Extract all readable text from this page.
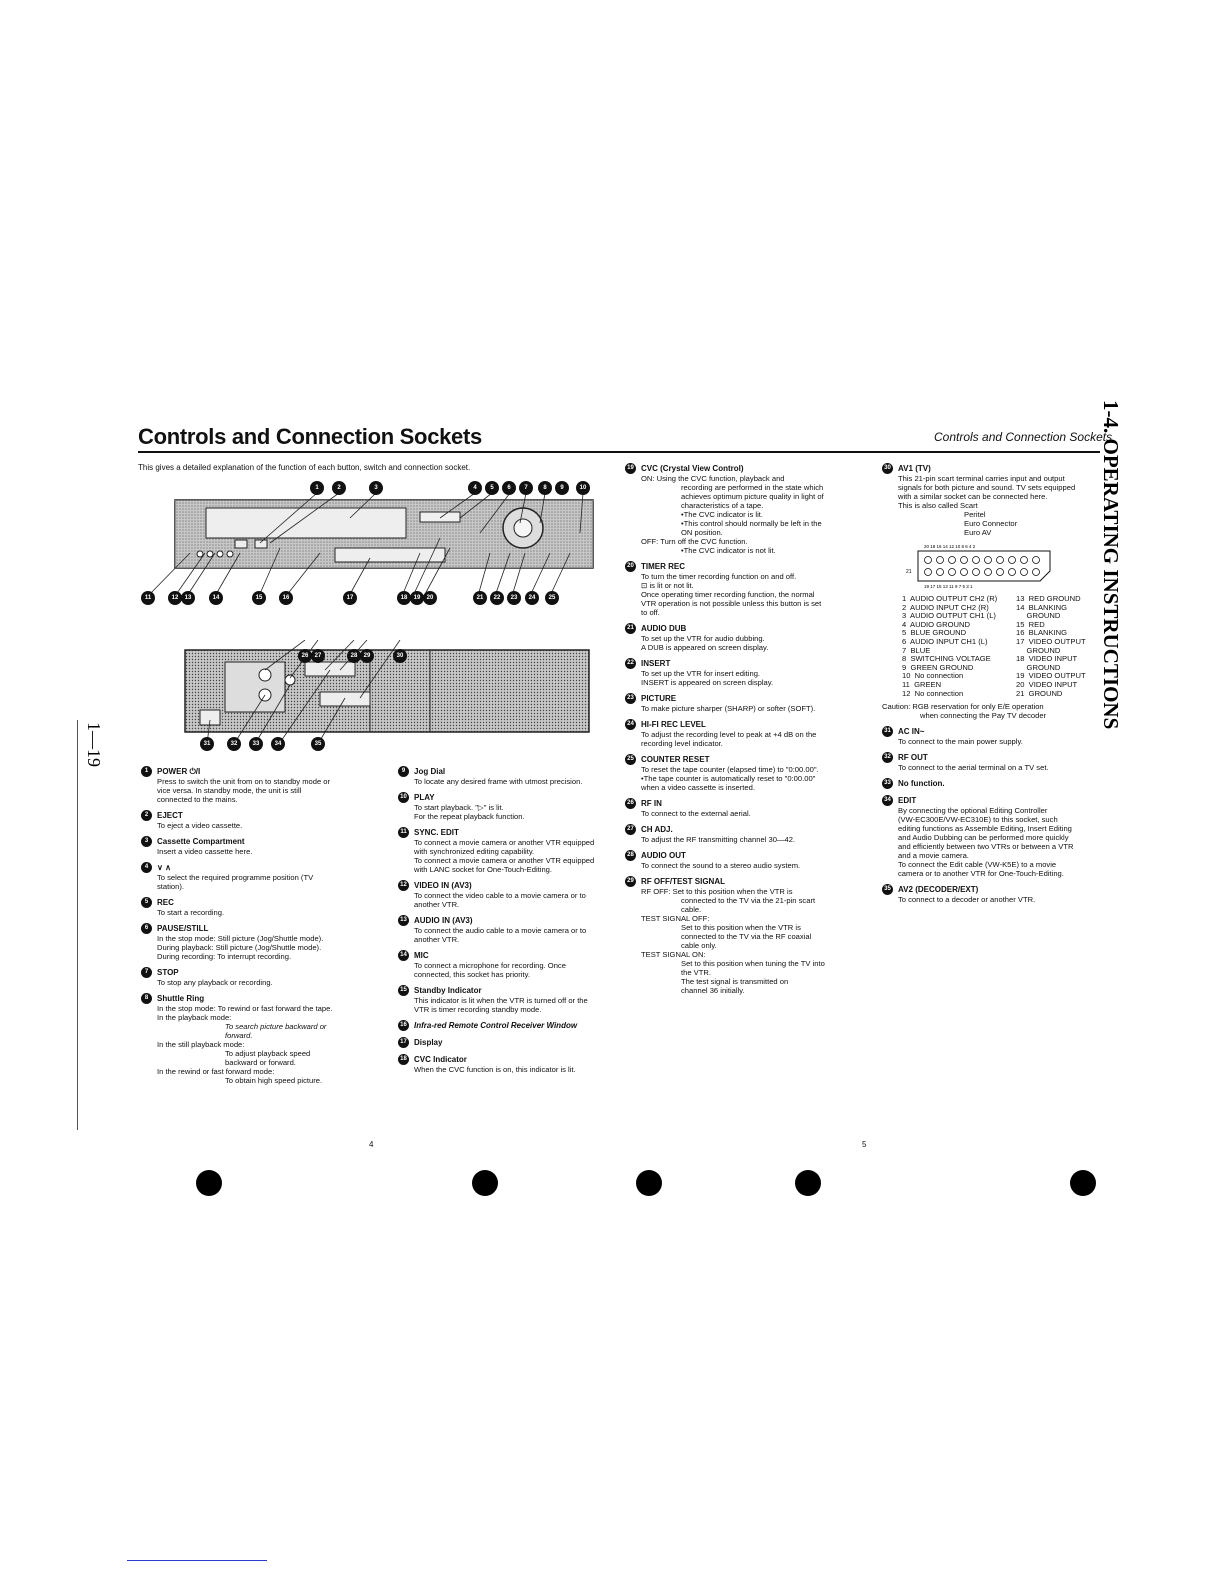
Controls and Connection Sockets	Controls and Connection Sockets
This gives a detailed explanation of the function of each button, switch and connection socket.	1-4. OPERATING INSTRUCTIONS
1—19
1	2	3	4	5	6	7	8	9	10
11	12	13	14	15	16	17	18	19	20	21	22	23	24	25
26	27	28	29	30
31	32	33	34	35
1	POWER ⏻/I
Press to switch the unit from on to standby mode or
vice versa. In standby mode, the unit is still
connected to the mains.
2	EJECT
To eject a video cassette.
3	Cassette Compartment
Insert a video cassette here.
4	∨ ∧
To select the required programme position (TV
station).
5	REC
To start a recording.
6	PAUSE/STILL
In the stop mode: Still picture (Jog/Shuttle mode).
During playback: Still picture (Jog/Shuttle mode).
During recording: To interrupt recording.
7	STOP
To stop any playback or recording.
8	Shuttle Ring
In the stop mode: To rewind or fast forward the tape.
In the playback mode:
To search picture backward or
forward.
In the still playback mode:
To adjust playback speed
backward or forward.
In the rewind or fast forward mode:
To obtain high speed picture.
9	Jog Dial
To locate any desired frame with utmost precision.
10 PLAY
To start playback. "▷" is lit.
For the repeat playback function.
11 SYNC. EDIT
To connect a movie camera or another VTR equipped
with synchronized editing capability.
To connect a movie camera or another VTR equipped
with LANC socket for One-Touch-Editing.
12 VIDEO IN (AV3)
To connect the video cable to a movie camera or to
another VTR.
13 AUDIO IN (AV3)
To connect the audio cable to a movie camera or to
another VTR.
14 MIC
To connect a microphone for recording. Once
connected, this socket has priority.
15 Standby Indicator
This indicator is lit when the VTR is turned off or the
VTR is timer recording standby mode.
16 Infra-red Remote Control Receiver Window
17 Display
18 CVC Indicator
When the CVC function is on, this indicator is lit.
19 CVC (Crystal View Control)
ON: Using the CVC function, playback and
recording are performed in the state which
achieves optimum picture quality in light of
characteristics of a tape.
•The CVC indicator is lit.
•This control should normally be left in the
ON position.
OFF: Turn off the CVC function.
•The CVC indicator is not lit.
20 TIMER REC
To turn the timer recording function on and off.
⊡ is lit or not lit.
Once operating timer recording function, the normal
VTR operation is not possible unless this button is set
to off.
21 AUDIO DUB
To set up the VTR for audio dubbing.
A DUB is appeared on screen display.
22 INSERT
To set up the VTR for insert editing.
INSERT is appeared on screen display.
23 PICTURE
To make picture sharper (SHARP) or softer (SOFT).
24 HI-FI REC LEVEL
To adjust the recording level to peak at +4 dB on the
recording level indicator.
25 COUNTER RESET
To reset the tape counter (elapsed time) to "0:00.00".
•The tape counter is automatically reset to "0:00.00"
when a video cassette is inserted.
26 RF IN
To connect to the external aerial.
27 CH ADJ.
To adjust the RF transmitting channel 30—42.
28 AUDIO OUT
To connect the sound to a stereo audio system.
29 RF OFF/TEST SIGNAL
RF OFF: Set to this position when the VTR is
connected to the TV via the 21-pin scart
cable.
TEST SIGNAL OFF:
Set to this position when the VTR is
connected to the TV via the RF coaxial
cable only.
TEST SIGNAL ON:
Set to this position when tuning the TV into
the VTR.
The test signal is transmitted on
channel 36 initially.
30 AV1 (TV)
This 21-pin scart terminal carries input and output
signals for both picture and sound. TV sets equipped
with a similar socket can be connected here.
This is also called Scart
Peritel
Euro Connector
Euro AV
20 18 16 14 12 10 8 6 4 2
19 17 15 13 11 9 7 5 3 1
21
1  AUDIO OUTPUT CH2 (R)	13  RED GROUND
2  AUDIO INPUT CH2 (R)	14  BLANKING
3  AUDIO OUTPUT CH1 (L)	GROUND
4  AUDIO GROUND	15  RED
5  BLUE GROUND	16  BLANKING
6  AUDIO INPUT CH1 (L)	17  VIDEO OUTPUT
7  BLUE	GROUND
8  SWITCHING VOLTAGE	18  VIDEO INPUT
9  GREEN GROUND	GROUND
10  No connection	19  VIDEO OUTPUT
11  GREEN	20  VIDEO INPUT
12  No connection	21  GROUND
Caution: RGB reservation for only E/E operation
when connecting the Pay TV decoder
31 AC IN~
To connect to the main power supply.
32 RF OUT
To connect to the aerial terminal on a TV set.
33 No function.
34 EDIT
By connecting the optional Editing Controller
(VW-EC300E/VW-EC310E) to this socket, such
editing functions as Assemble Editing, Insert Editing
and Audio Dubbing can be performed more quickly
and efficiently between two VTRs or between a VTR
and a movie camera.
To connect the Edit cable (VW-K5E) to a movie
camera or to another VTR for One-Touch-Editing.
35 AV2 (DECODER/EXT)
To connect to a decoder or another VTR.
4	5
